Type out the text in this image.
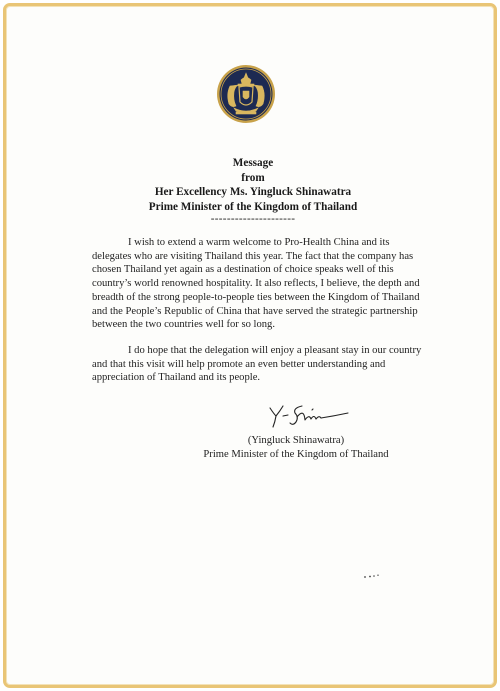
Message
from
Her Excellency Ms. Yingluck Shinawatra
Prime Minister of the Kingdom of Thailand
---------------------

I wish to extend a warm welcome to Pro-Health China and its delegates who are visiting Thailand this year. The fact that the company has chosen Thailand yet again as a destination of choice speaks well of this country’s world renowned hospitality. It also reflects, I believe, the depth and breadth of the strong people-to-people ties between the Kingdom of Thailand and the People’s Republic of China that have served the strategic partnership between the two countries well for so long.

I do hope that the delegation will enjoy a pleasant stay in our country and that this visit will help promote an even better understanding and appreciation of Thailand and its people.

(Yingluck Shinawatra)
Prime Minister of the Kingdom of Thailand
